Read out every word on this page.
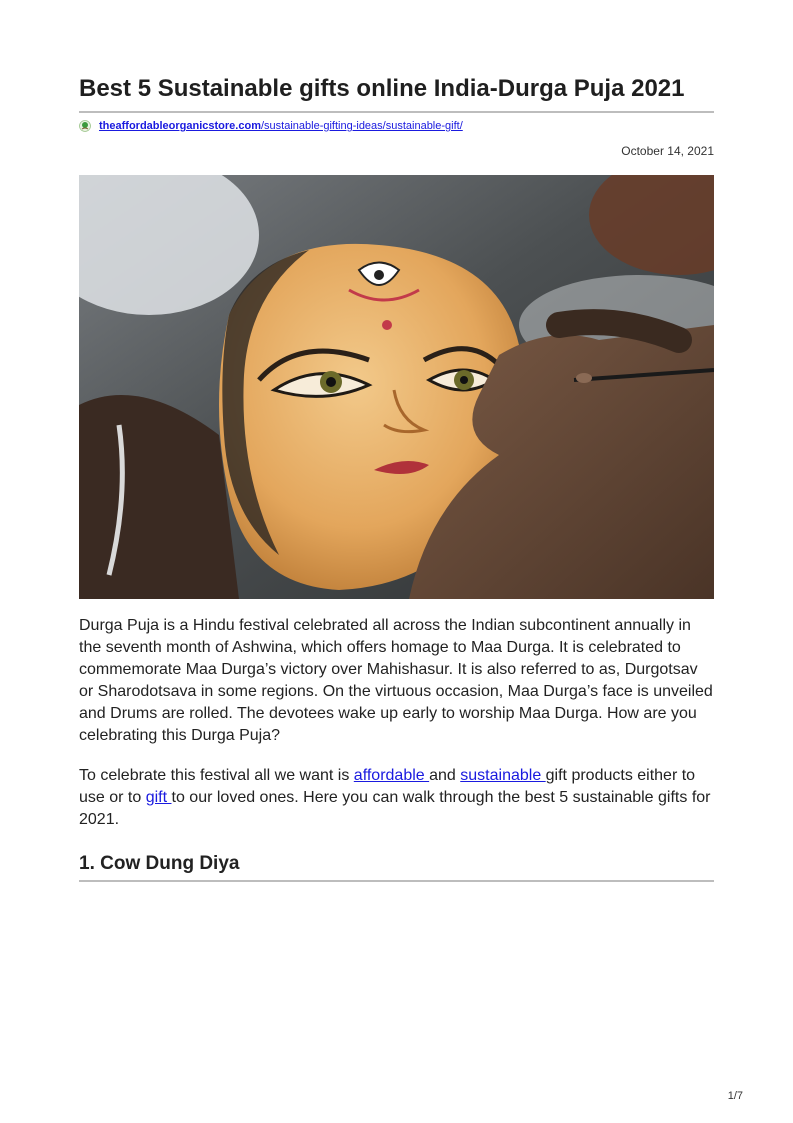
Best 5 Sustainable gifts online India-Durga Puja 2021
theaffordableorganicstore.com/sustainable-gifting-ideas/sustainable-gift/
October 14, 2021

Durga Puja is a Hindu festival celebrated all across the Indian subcontinent annually in the seventh month of Ashwina, which offers homage to Maa Durga. It is celebrated to commemorate Maa Durga’s victory over Mahishasur. It is also referred to as, Durgotsav or Sharodotsava in some regions. On the virtuous occasion, Maa Durga’s face is unveiled and Drums are rolled. The devotees wake up early to worship Maa Durga. How are you celebrating this Durga Puja?

To celebrate this festival all we want is affordable and sustainable gift products either to use or to gift to our loved ones. Here you can walk through the best 5 sustainable gifts for 2021.

1. Cow Dung Diya
1/7
